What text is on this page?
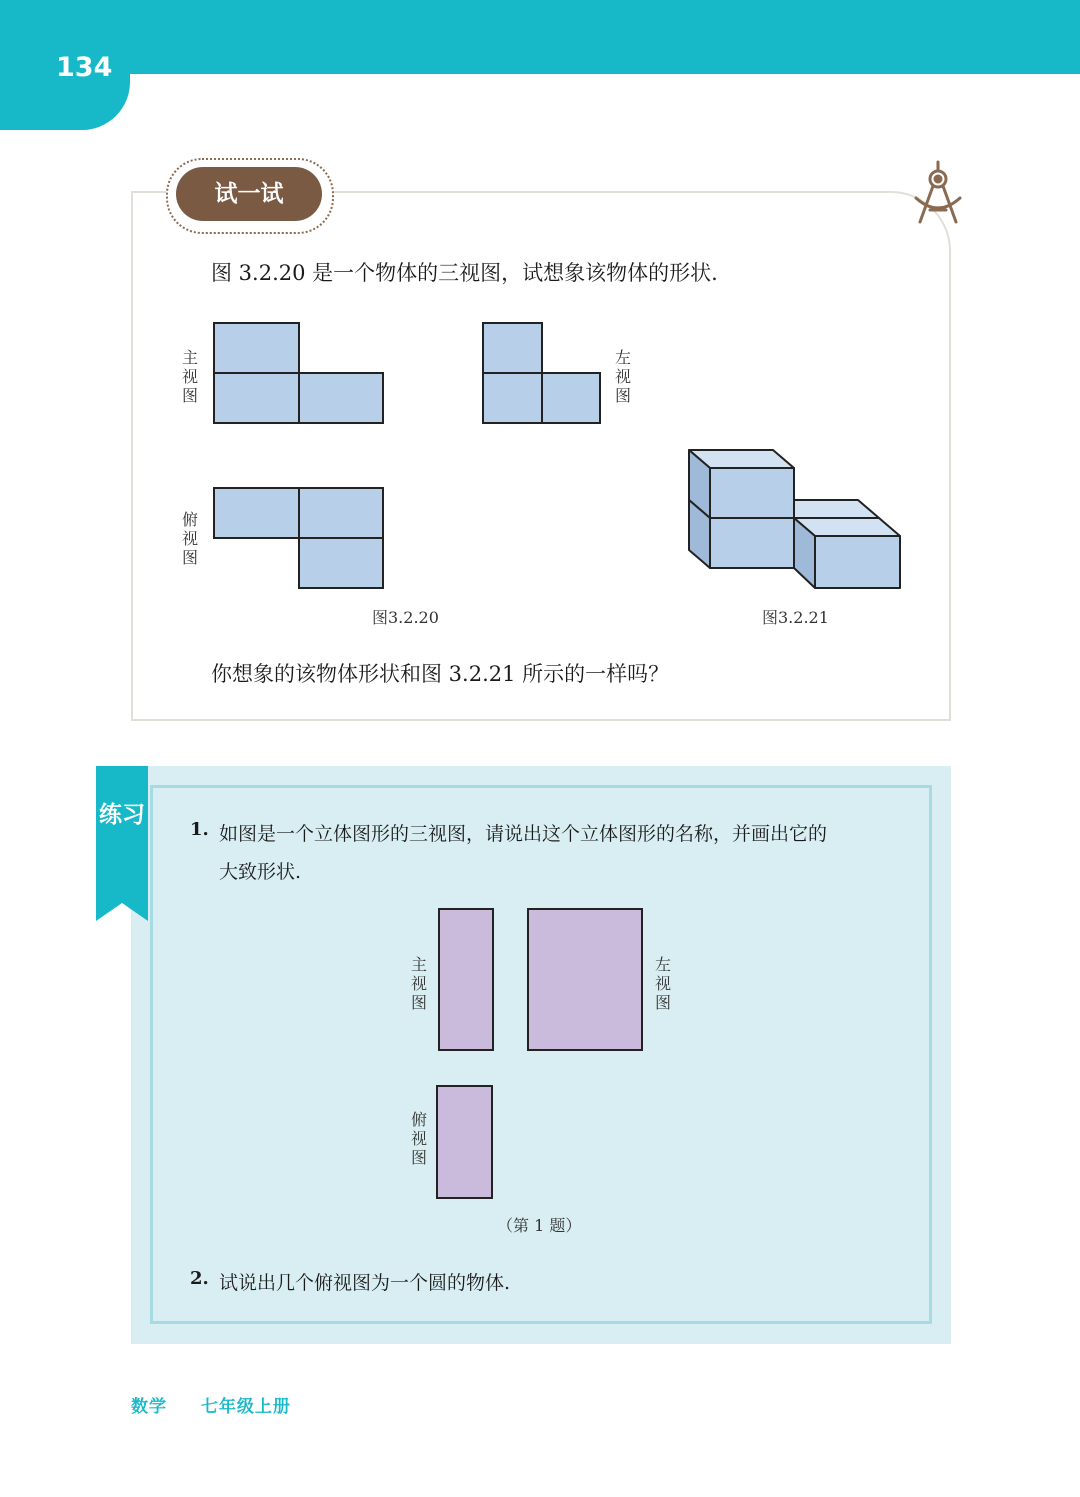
134
试一试
图 3.2.20 是一个物体的三视图，试想象该物体的形状.
主视图
左视图
俯视图
图3.2.20	图3.2.21
你想象的该物体形状和图 3.2.21 所示的一样吗？
练习
1. 如图是一个立体图形的三视图，请说出这个立体图形的名称，并画出它的
大致形状.
主视图
左视图
俯视图
（第 1 题）
2. 试说出几个俯视图为一个圆的物体.
数学 七年级上册
